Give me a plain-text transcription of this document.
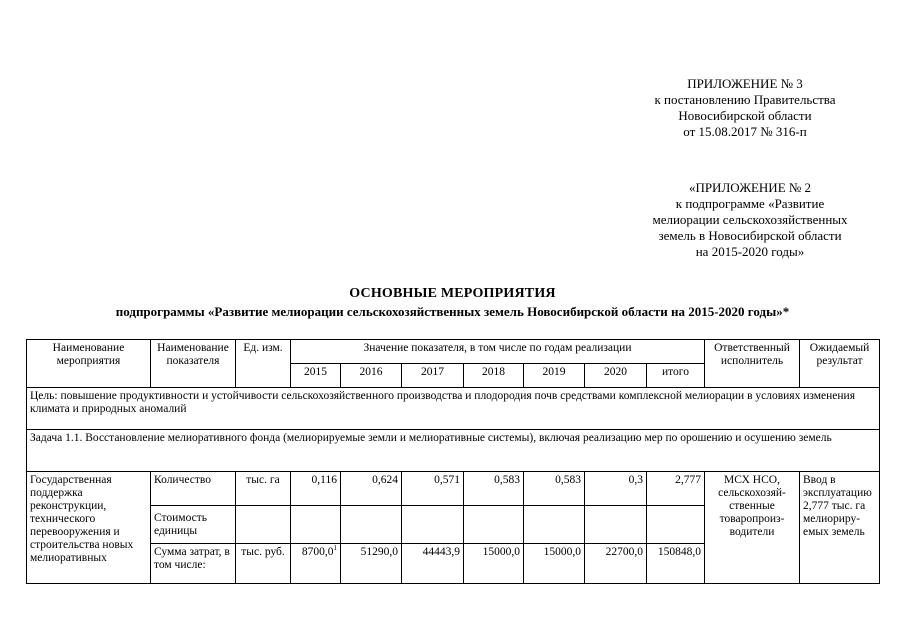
ПРИЛОЖЕНИЕ № 3
к постановлению Правительства
Новосибирской области
от 15.08.2017 № 316-п
«ПРИЛОЖЕНИЕ № 2
к подпрограмме «Развитие
мелиорации сельскохозяйственных
земель в Новосибирской области
на 2015-2020 годы»
ОСНОВНЫЕ МЕРОПРИЯТИЯ
подпрограммы «Развитие мелиорации сельскохозяйственных земель Новосибирской области на 2015-2020 годы»*
Наименование мероприятия	Наименование показателя	Ед. изм.	Значение показателя, в том числе по годам реализации							Ответственный исполнитель	Ожидаемый результат
			2015	2016	2017	2018	2019	2020	итого		
Цель: повышение продуктивности и устойчивости сельскохозяйственного производства и плодородия почв средствами комплексной мелиорации в условиях изменения климата и природных аномалий											
Задача 1.1. Восстановление мелиоративного фонда (мелиорируемые земли и мелиоративные системы), включая реализацию мер по орошению и осушению земель											
Государственная поддержка реконструкции, технического перевооружения и строительства новых мелиоративных	Количество	тыс. га	0,116	0,624	0,571	0,583	0,583	0,3	2,777	МСХ НСО, сельскохозяй-ственные товаропроиз-водители	Ввод в эксплуатацию 2,777 тыс. га мелиориру-емых земель
	Стоимость единицы										
	Сумма затрат, в том числе:	тыс. руб.	8700,0$^1$	51290,0	44443,9	15000,0	15000,0	22700,0	150848,0		
